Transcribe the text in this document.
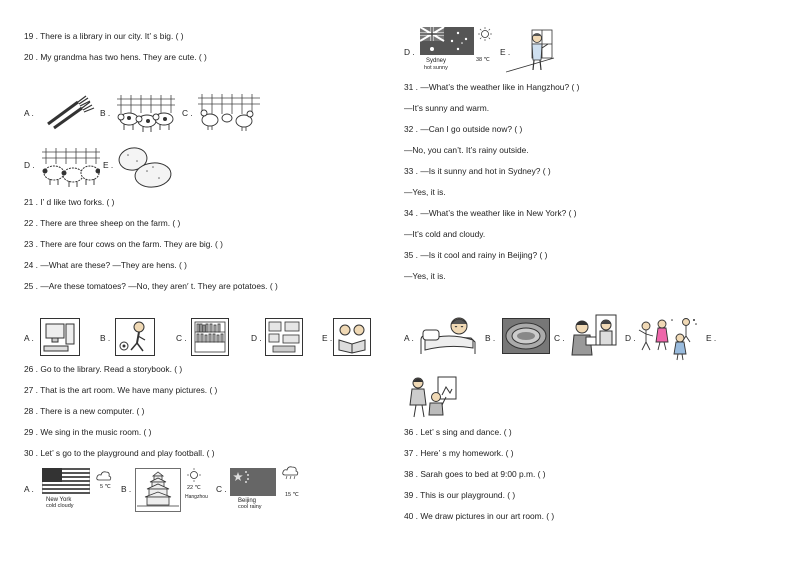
19 . There is a library in our city. It’ s big. ( )
20 . My grandma has two hens. They are cute. ( )
A .	B .	C .
D .	E .
21 . I’ d like two forks. ( )
22 . There are three sheep on the farm. ( )
23 . There are four cows on the farm. They are big. ( )
24 . —What are these? —They are hens. ( )
25 . —Are these tomatoes? —No, they aren′ t. They are potatoes. ( )
A .	B .	C .	D .	E .
26 . Go to the library. Read a storybook. ( )
27 . That is the art room. We have many pictures. ( )
28 . There is a new computer. ( )
29 . We sing in the music room. ( )
30 . Let’ s go to the playground and play football. ( )
A .	5 ℃
New York
cold cloudy
B .	22 ℃
Hangzhou
C .
15 ℃
Beijing
cool rainy
D .
38 ℃
Sydney
hot sunny
E .
31 . —What’s the weather like in Hangzhou? ( )
—It’s sunny and warm.
32 . —Can I go outside now? ( )
—No, you can’t. It’s rainy outside.
33 . —Is it sunny and hot in Sydney? ( )
—Yes, it is.
34 . —What’s the weather like in New York? ( )
—It’s cold and cloudy.
35 . —Is it cool and rainy in Beijing? ( )
—Yes, it is.
A .	B .	C .	D .	E .
36 . Let’ s sing and dance. ( )
37 . Here’ s my homework. ( )
38 . Sarah goes to bed at 9:00 p.m. ( )
39 . This is our playground. ( )
40 . We draw pictures in our art room. ( )
